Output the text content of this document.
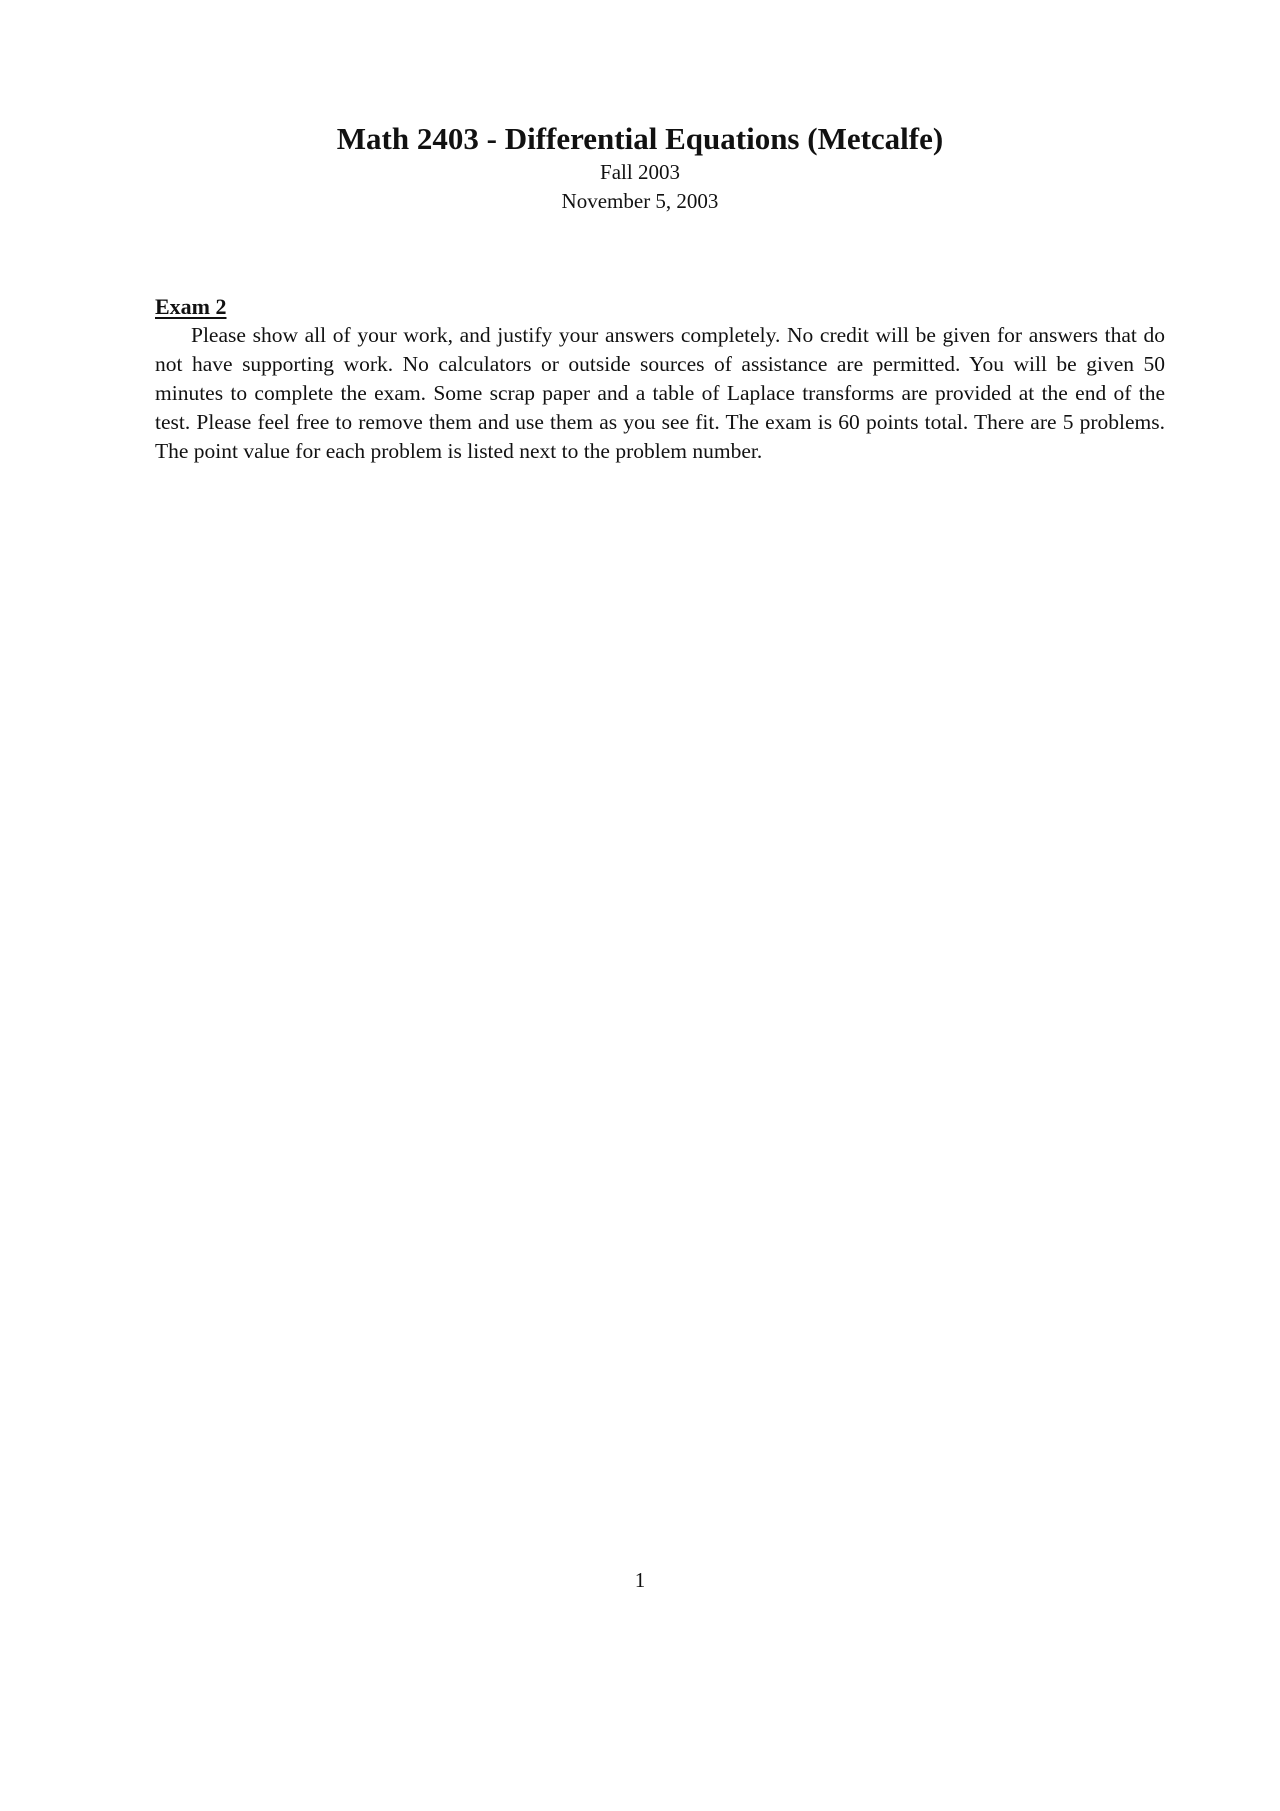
Math 2403 - Differential Equations (Metcalfe)

Fall 2003

November 5, 2003

Exam 2

Please show all of your work, and justify your answers completely. No credit will be given for answers that do not have supporting work. No calculators or outside sources of assistance are permitted. You will be given 50 minutes to complete the exam. Some scrap paper and a table of Laplace transforms are provided at the end of the test. Please feel free to remove them and use them as you see fit. The exam is 60 points total. There are 5 problems. The point value for each problem is listed next to the problem number.

1
